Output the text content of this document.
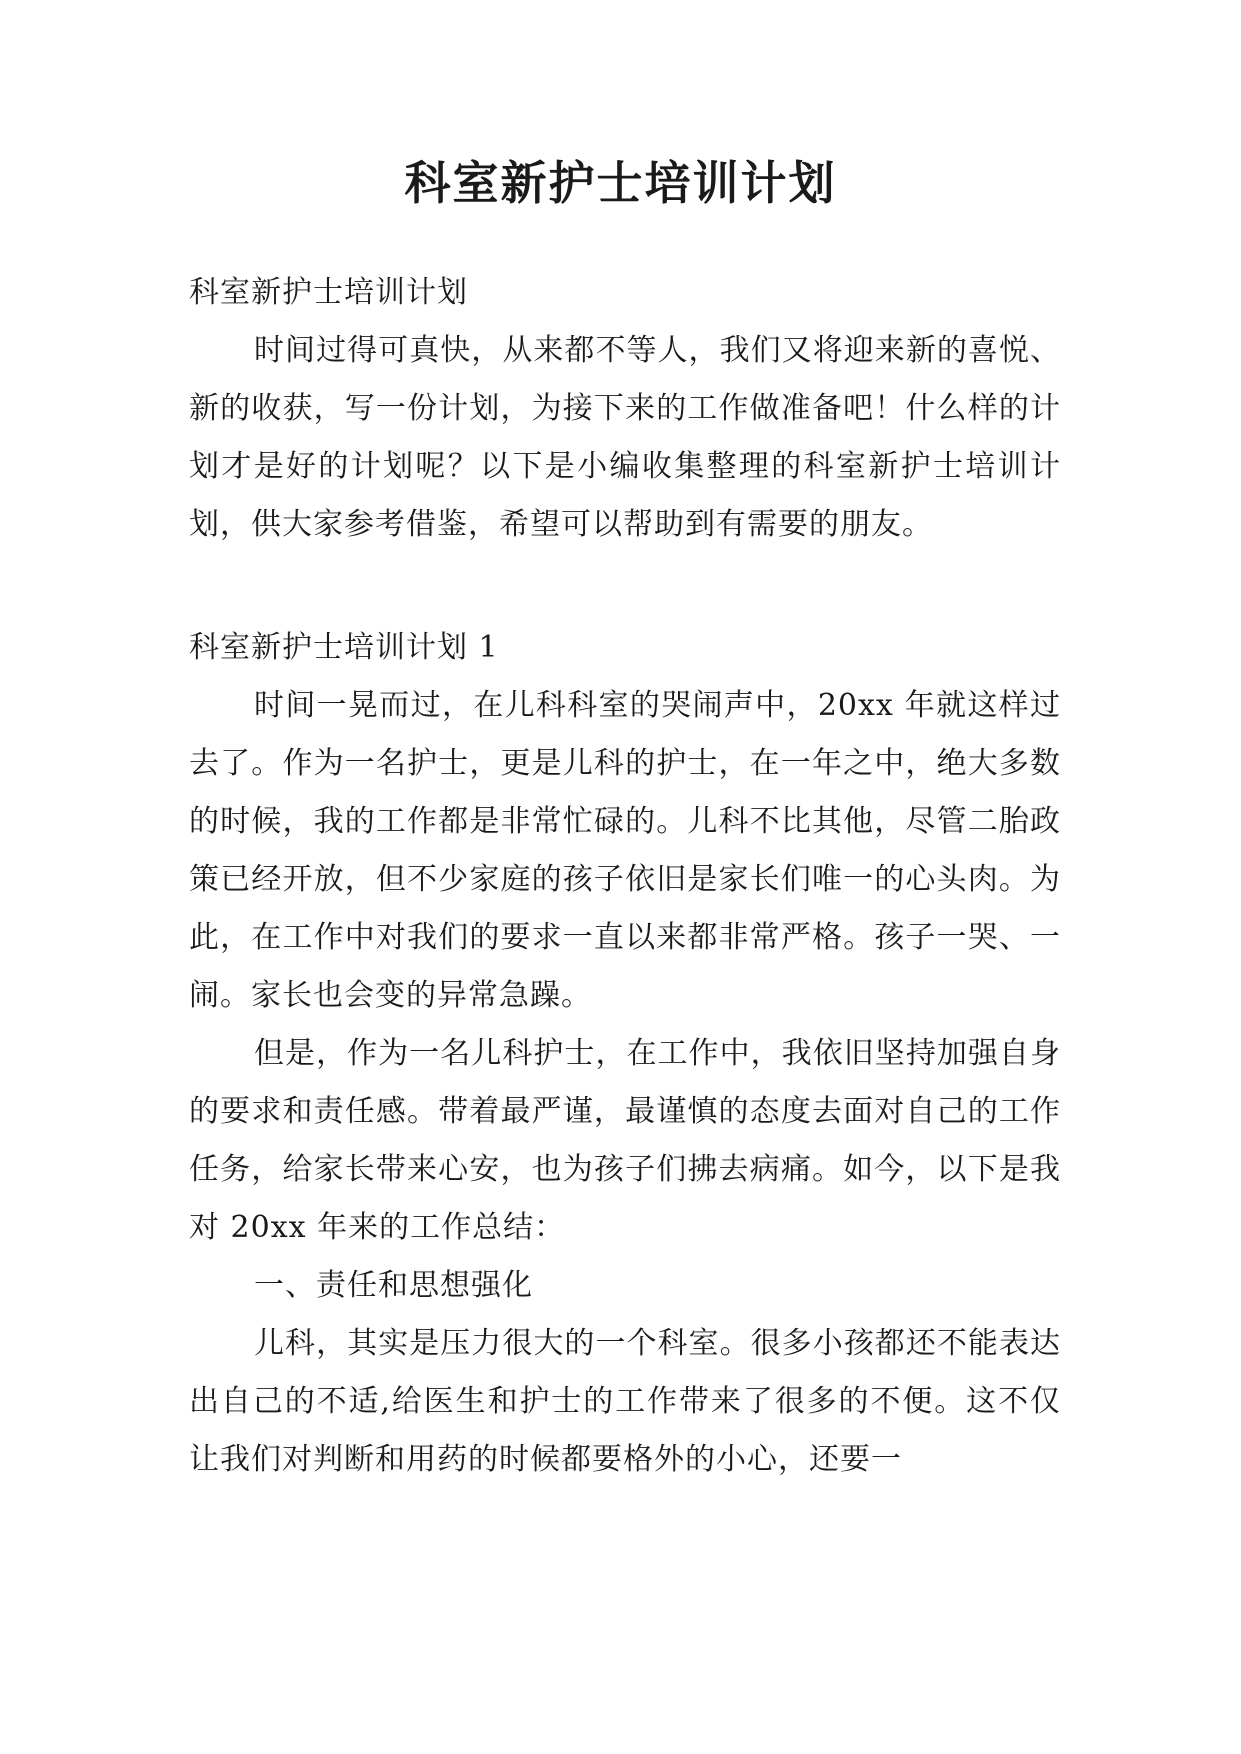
科室新护士培训计划

科室新护士培训计划

时间过得可真快，从来都不等人，我们又将迎来新的喜悦、新的收获，写一份计划，为接下来的工作做准备吧！什么样的计划才是好的计划呢？以下是小编收集整理的科室新护士培训计划，供大家参考借鉴，希望可以帮助到有需要的朋友。

科室新护士培训计划 1

时间一晃而过，在儿科科室的哭闹声中，20xx 年就这样过去了。作为一名护士，更是儿科的护士，在一年之中，绝大多数的时候，我的工作都是非常忙碌的。儿科不比其他，尽管二胎政策已经开放，但不少家庭的孩子依旧是家长们唯一的心头肉。为此，在工作中对我们的要求一直以来都非常严格。孩子一哭、一闹。家长也会变的异常急躁。

但是，作为一名儿科护士，在工作中，我依旧坚持加强自身的要求和责任感。带着最严谨，最谨慎的态度去面对自己的工作任务，给家长带来心安，也为孩子们拂去病痛。如今，以下是我对 20xx 年来的工作总结：

一、责任和思想强化

儿科，其实是压力很大的一个科室。很多小孩都还不能表达出自己的不适,给医生和护士的工作带来了很多的不便。这不仅让我们对判断和用药的时候都要格外的小心，还要一
